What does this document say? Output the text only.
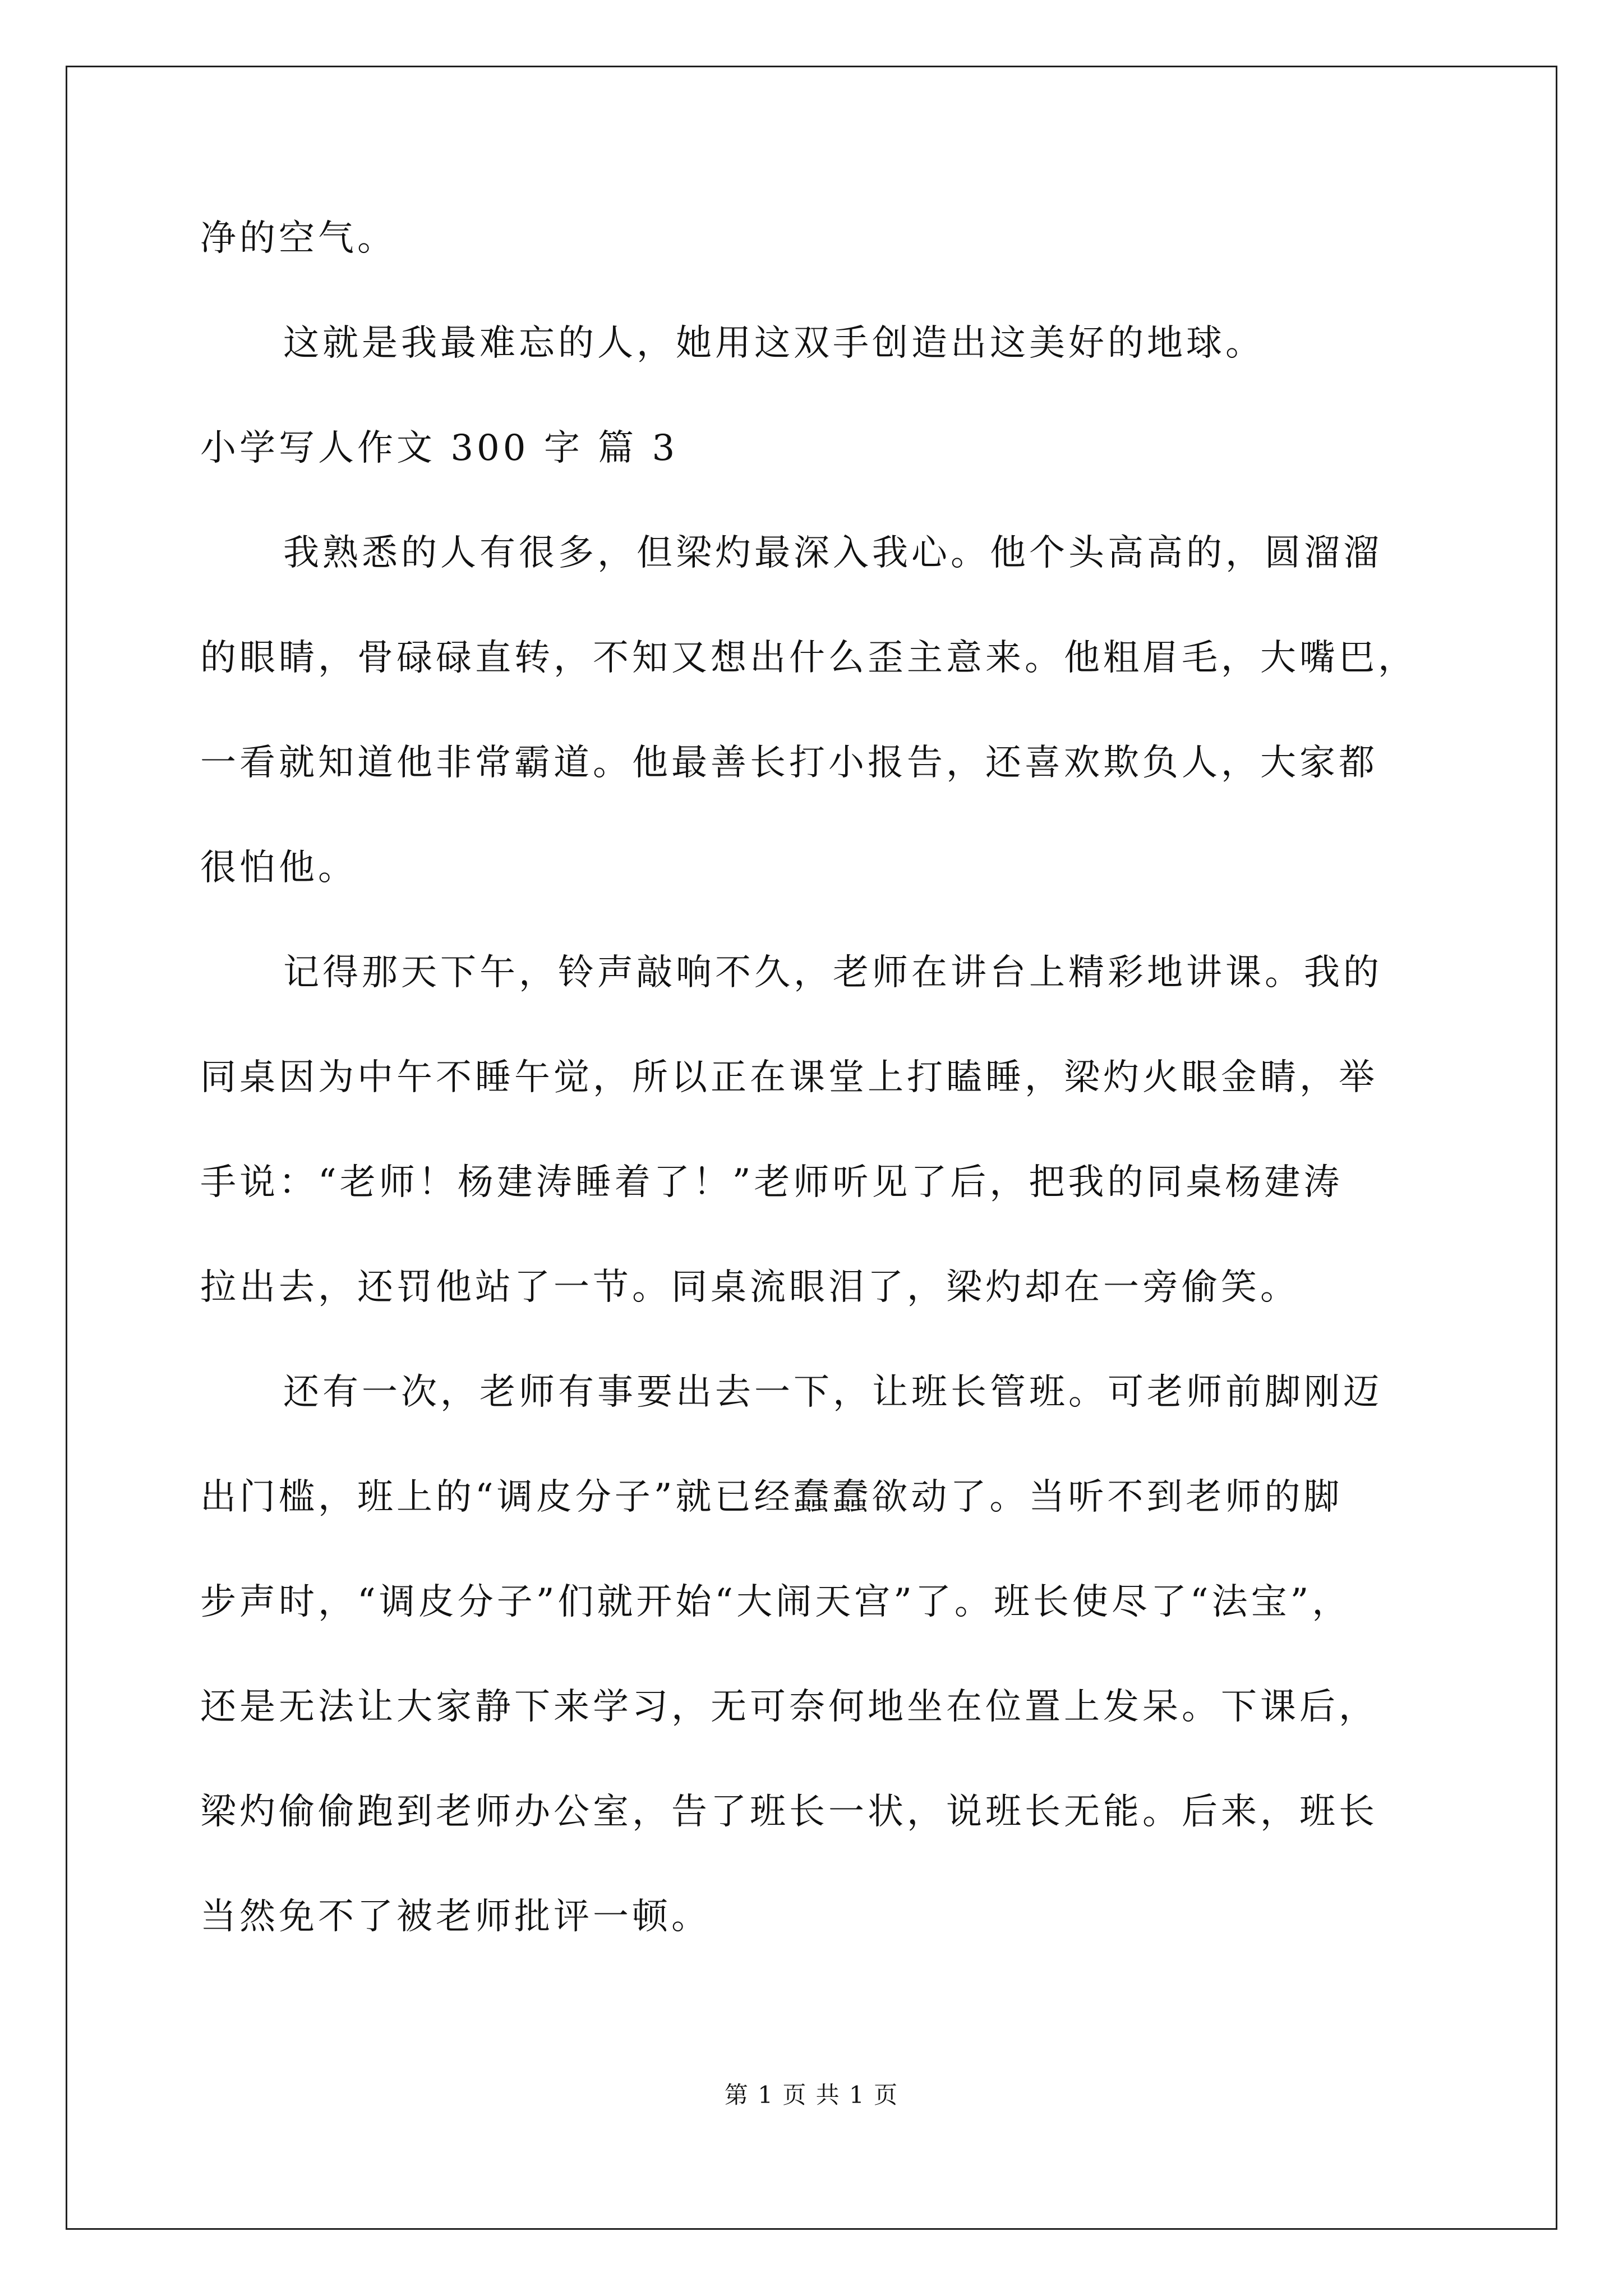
净的空气。
这就是我最难忘的人，她用这双手创造出这美好的地球。
小学写人作文 300 字 篇 3
我熟悉的人有很多，但梁灼最深入我心。他个头高高的，圆溜溜
的眼睛，骨碌碌直转，不知又想出什么歪主意来。他粗眉毛，大嘴巴，
一看就知道他非常霸道。他最善长打小报告，还喜欢欺负人，大家都
很怕他。
记得那天下午，铃声敲响不久，老师在讲台上精彩地讲课。我的
同桌因为中午不睡午觉，所以正在课堂上打瞌睡，梁灼火眼金睛，举
手说：“老师！杨建涛睡着了！”老师听见了后，把我的同桌杨建涛
拉出去，还罚他站了一节。同桌流眼泪了，梁灼却在一旁偷笑。
还有一次，老师有事要出去一下，让班长管班。可老师前脚刚迈
出门槛，班上的“调皮分子”就已经蠢蠢欲动了。当听不到老师的脚
步声时，“调皮分子”们就开始“大闹天宫”了。班长使尽了“法宝”，
还是无法让大家静下来学习，无可奈何地坐在位置上发呆。下课后，
梁灼偷偷跑到老师办公室，告了班长一状，说班长无能。后来，班长
当然免不了被老师批评一顿。
第 1 页 共 1 页
